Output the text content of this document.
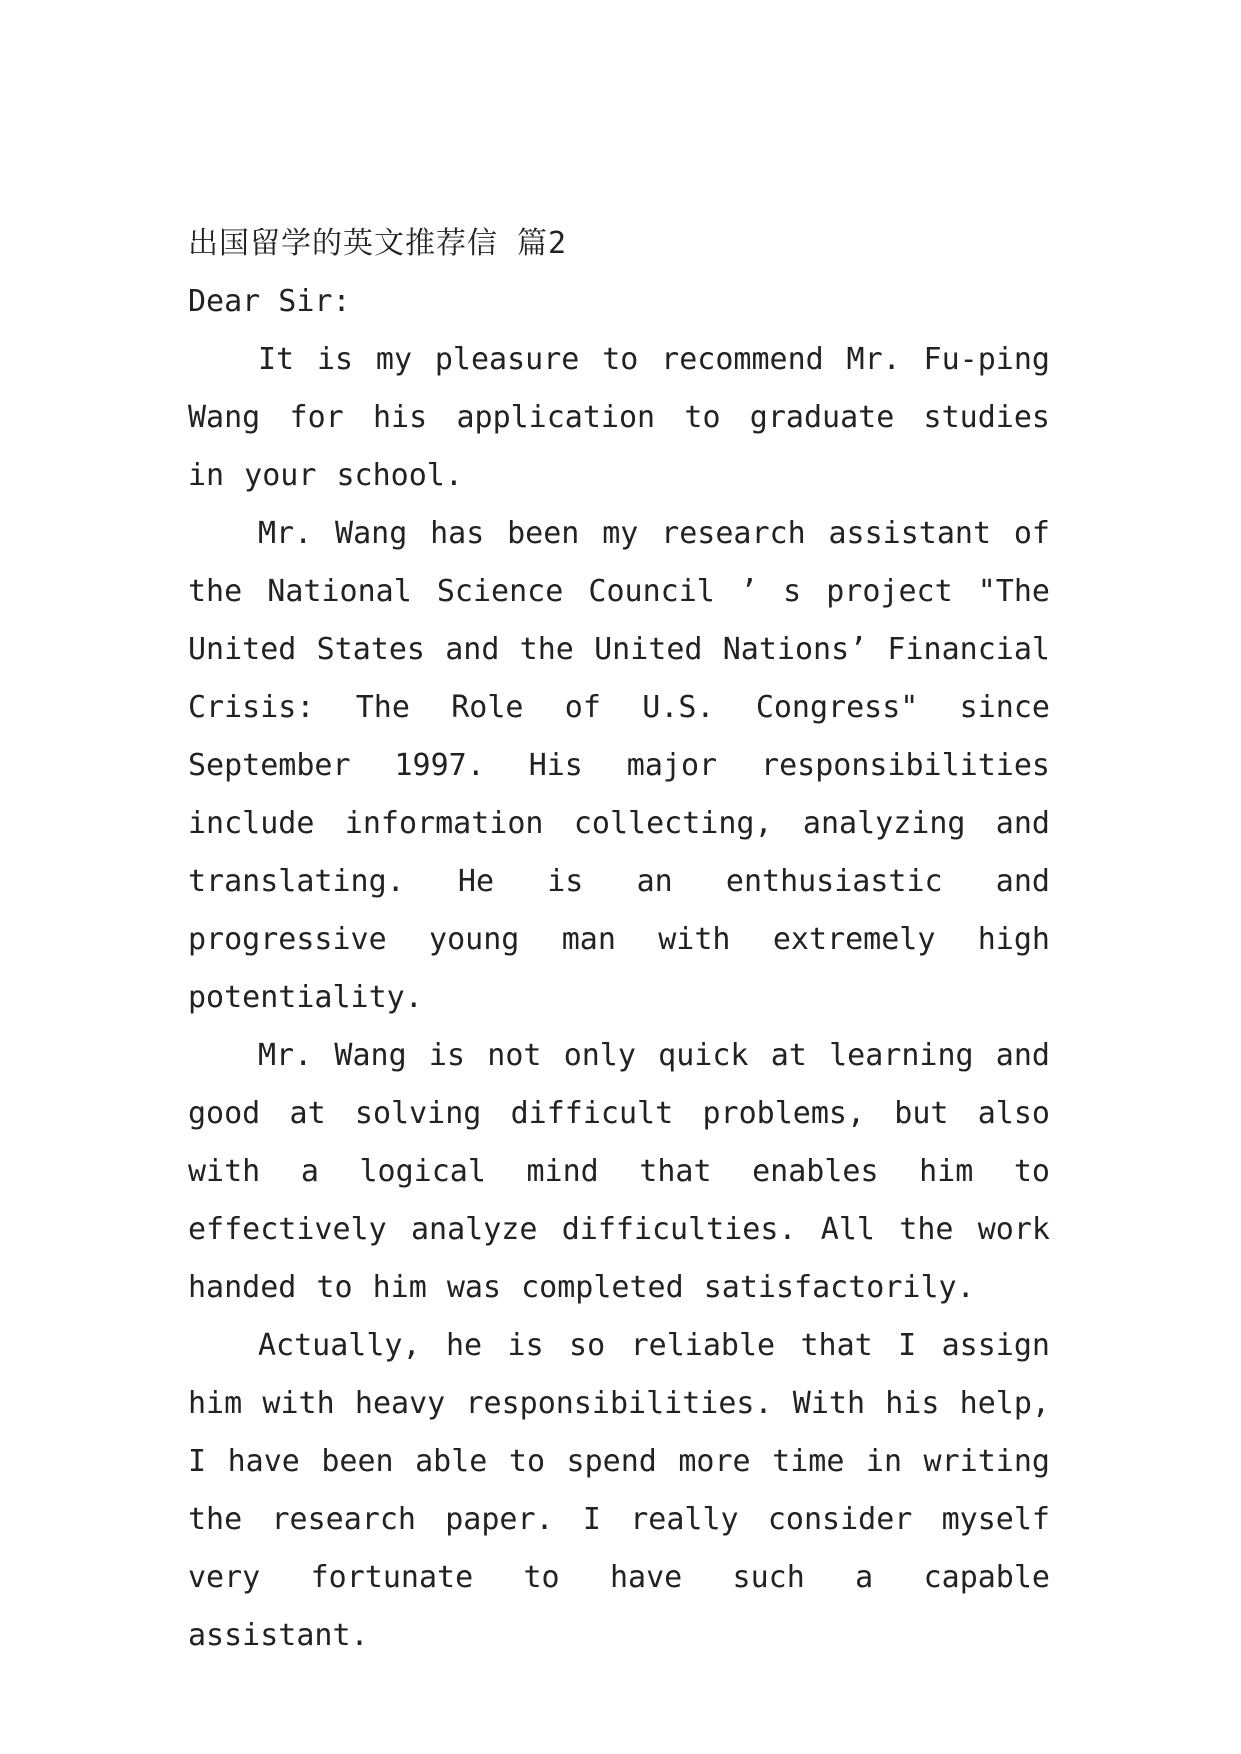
出国留学的英文推荐信 篇2

Dear Sir:

It is my pleasure to recommend Mr. Fu-ping Wang for his application to graduate studies in your school.

Mr. Wang has been my research assistant of the National Science Council ’ s project "The United States and the United Nations’ Financial Crisis: The Role of U.S. Congress" since September 1997. His major responsibilities include information collecting, analyzing and translating. He is an enthusiastic and progressive young man with extremely high potentiality.

Mr. Wang is not only quick at learning and good at solving difficult problems, but also with a logical mind that enables him to effectively analyze difficulties. All the work handed to him was completed satisfactorily.

Actually, he is so reliable that I assign him with heavy responsibilities. With his help, I have been able to spend more time in writing the research paper. I really consider myself very fortunate to have such a capable assistant.
